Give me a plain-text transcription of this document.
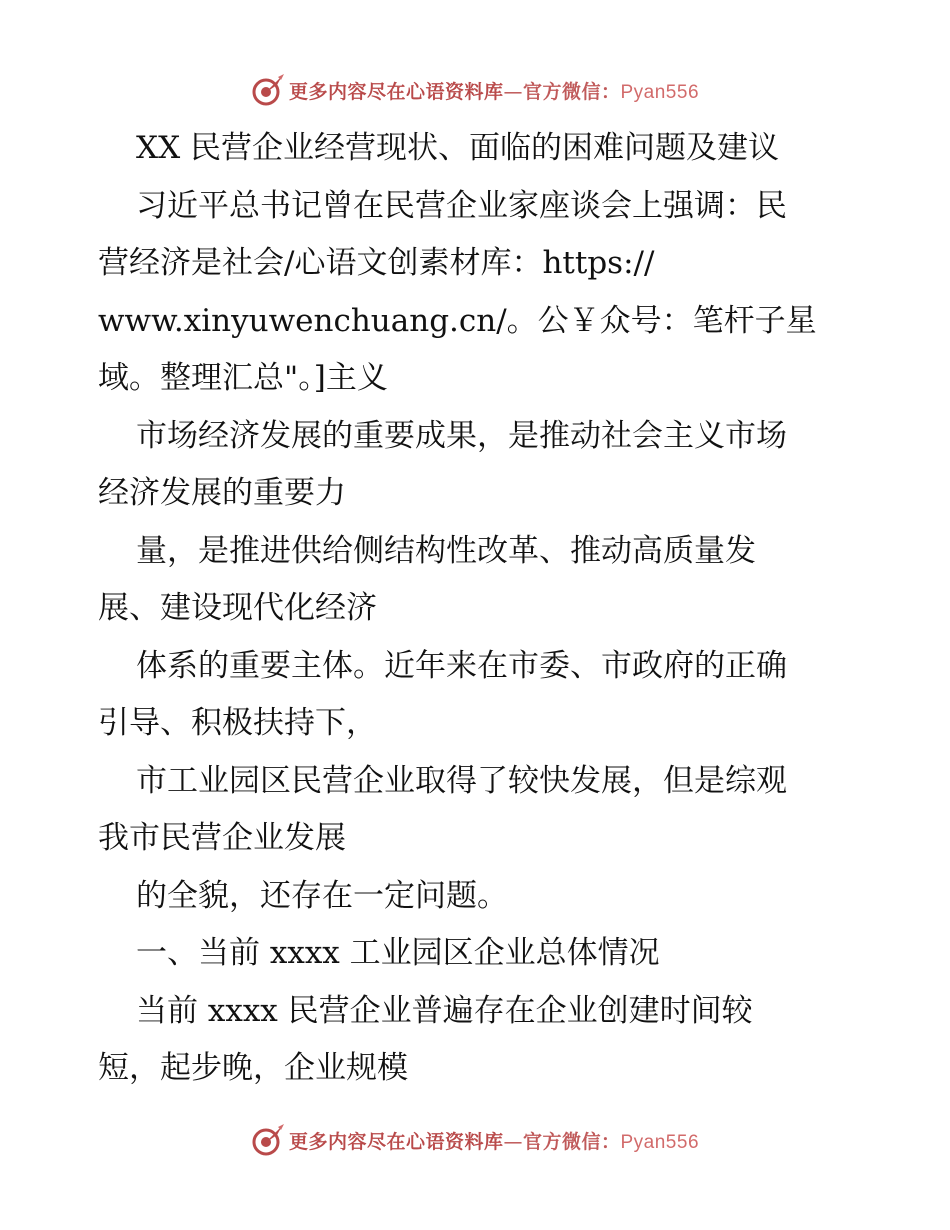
更多内容尽在心语资料库—官方微信：Pyan556
XX 民营企业经营现状、面临的困难问题及建议
习近平总书记曾在民营企业家座谈会上强调：民
营经济是社会/心语文创素材库：https://
www.xinyuwenchuang.cn/。公￥众号：笔杆子星
域。整理汇总"。]主义
市场经济发展的重要成果，是推动社会主义市场
经济发展的重要力
量，是推进供给侧结构性改革、推动高质量发
展、建设现代化经济
体系的重要主体。近年来在市委、市政府的正确
引导、积极扶持下，
市工业园区民营企业取得了较快发展，但是综观
我市民营企业发展
的全貌，还存在一定问题。
一、当前 xxxx 工业园区企业总体情况
当前 xxxx 民营企业普遍存在企业创建时间较
短，起步晚，企业规模
更多内容尽在心语资料库—官方微信：Pyan556
